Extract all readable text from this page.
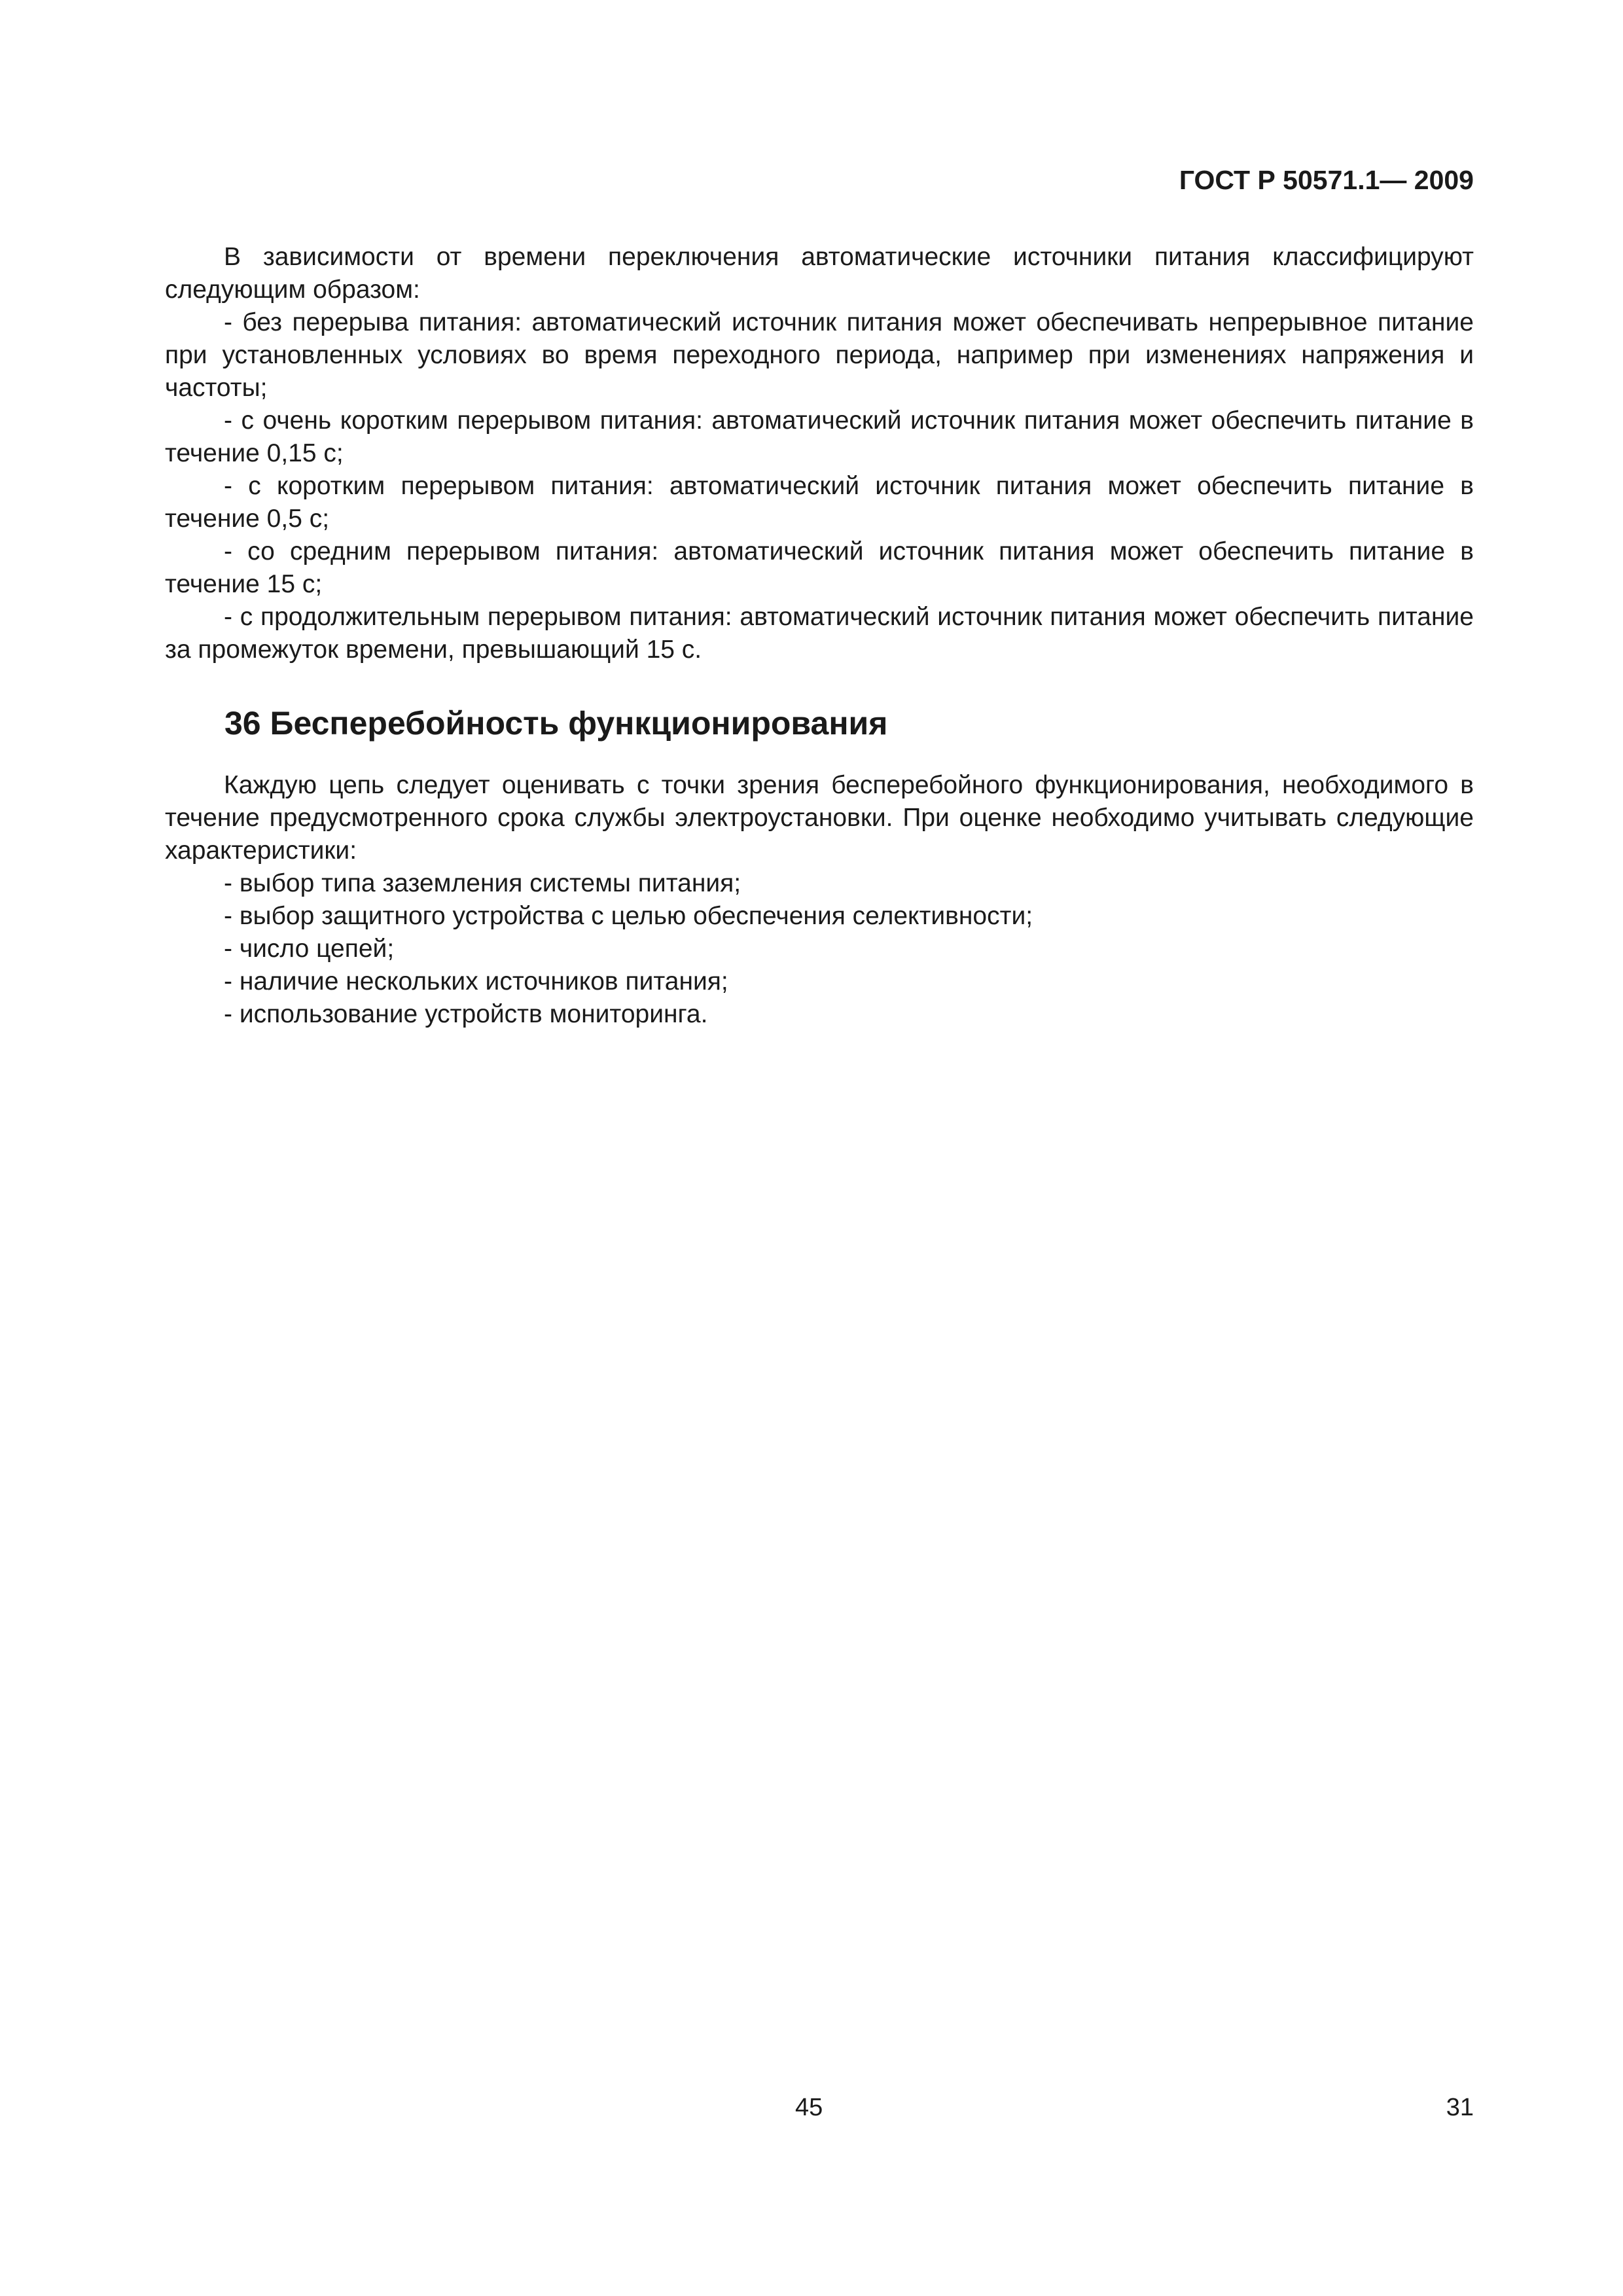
ГОСТ Р 50571.1— 2009

В зависимости от времени переключения автоматические источники питания классифицируют следующим образом:

- без перерыва питания: автоматический источник питания может обеспечивать непрерывное питание при установленных условиях во время переходного периода, например при изменениях напряжения и частоты;

- с очень коротким перерывом питания: автоматический источник питания может обеспечить питание в течение 0,15 с;

- с коротким перерывом питания: автоматический источник питания может обеспечить питание в течение 0,5 с;

- со средним перерывом питания: автоматический источник питания может обеспечить питание в течение 15 с;

- с продолжительным перерывом питания: автоматический источник питания может обеспечить питание за промежуток времени, превышающий 15 с.

36 Бесперебойность функционирования

Каждую цепь следует оценивать с точки зрения бесперебойного функционирования, необходимого в течение предусмотренного срока службы электроустановки. При оценке необходимо учитывать следующие характеристики:

- выбор типа заземления системы питания;
- выбор защитного устройства с целью обеспечения селективности;
- число цепей;
- наличие нескольких источников питания;
- использование устройств мониторинга.
45	31
